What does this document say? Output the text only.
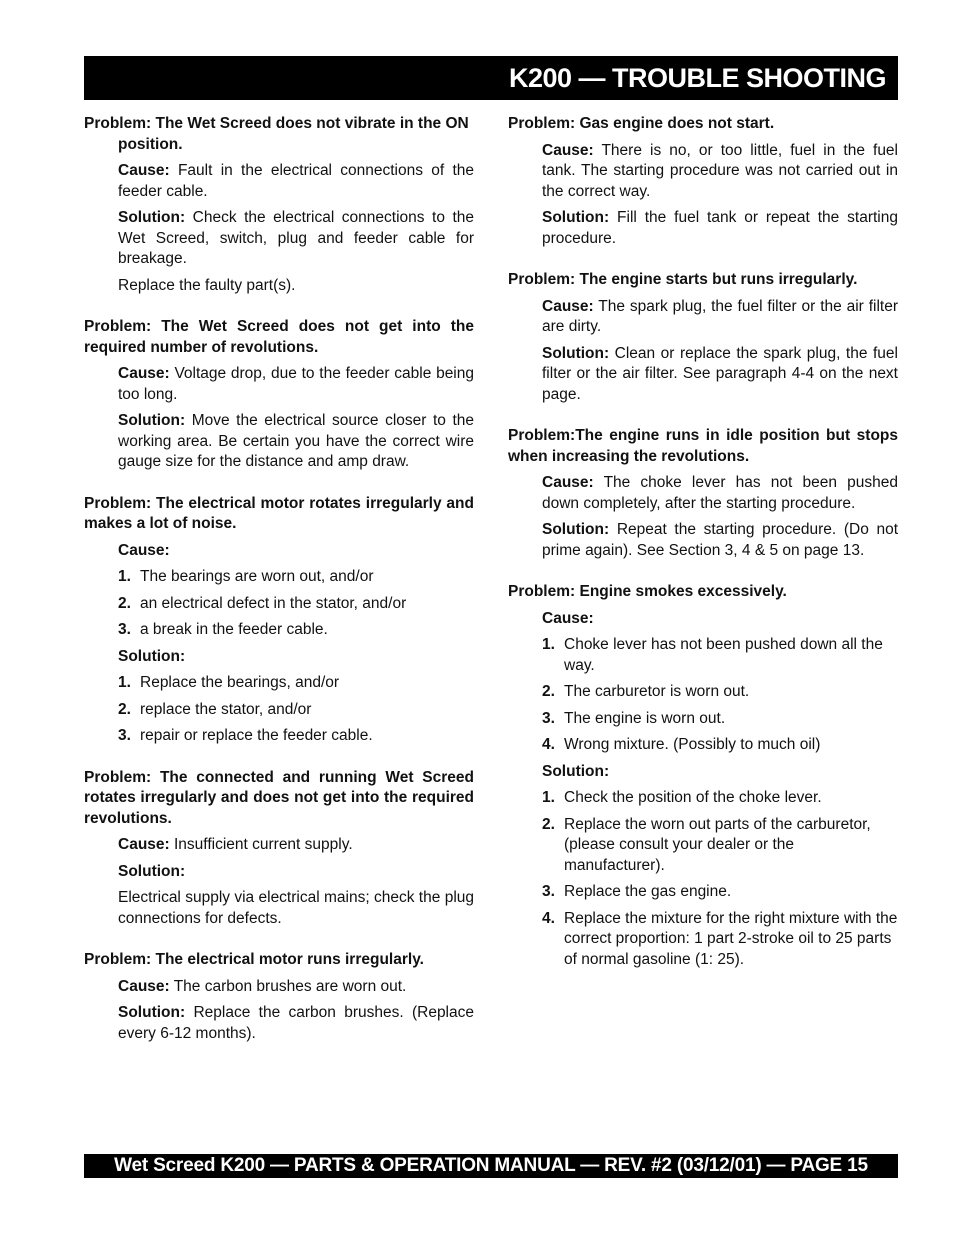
K200 — TROUBLE SHOOTING
Problem: The Wet Screed does not vibrate in the ON
position.
Cause: Fault in the electrical connections of the feeder cable.
Solution: Check the electrical connections to the Wet Screed, switch, plug and feeder cable for breakage.
Replace the faulty part(s).
Problem: The Wet Screed does not get into the required number of revolutions.
Cause: Voltage drop, due to the feeder cable being too long.
Solution: Move the electrical source closer to the working area. Be certain you have the correct wire gauge size for the distance and amp draw.
Problem: The electrical motor rotates irregularly and makes a lot of noise.
Cause:
1. The bearings are worn out, and/or
2. an electrical defect in the stator, and/or
3. a break in the feeder cable.
Solution:
1. Replace the bearings, and/or
2. replace the stator, and/or
3. repair or replace the feeder cable.
Problem: The connected and running Wet Screed rotates irregularly and does not get into the required revolutions.
Cause: Insufficient current supply.
Solution:
Electrical supply via electrical mains; check the plug connections for defects.
Problem: The electrical motor runs irregularly.
Cause: The carbon brushes are worn out.
Solution: Replace the carbon brushes. (Replace every 6-12 months).
Problem: Gas engine does not start.
Cause: There is no, or too little, fuel in the fuel tank. The starting procedure was not carried out in the correct way.
Solution: Fill the fuel tank or repeat the starting procedure.
Problem: The engine starts but runs irregularly.
Cause: The spark plug, the fuel filter or the air filter are dirty.
Solution: Clean or replace the spark plug, the fuel filter or the air filter. See paragraph 4-4 on the next page.
Problem:The engine runs in idle position but stops when increasing the revolutions.
Cause: The choke lever has not been pushed down completely, after the starting procedure.
Solution: Repeat the starting procedure. (Do not prime again). See Section 3, 4 & 5 on page 13.
Problem: Engine smokes excessively.
Cause:
1. Choke lever has not been pushed down all the way.
2. The carburetor is worn out.
3. The engine is worn out.
4. Wrong mixture. (Possibly to much oil)
Solution:
1. Check the position of the choke lever.
2. Replace the worn out parts of the carburetor, (please consult your dealer or the manufacturer).
3. Replace the gas engine.
4. Replace the mixture for the right mixture with the correct proportion: 1 part 2-stroke oil to 25 parts of normal gasoline (1: 25).
Wet Screed K200 — PARTS & OPERATION MANUAL — REV. #2 (03/12/01) — PAGE 15
